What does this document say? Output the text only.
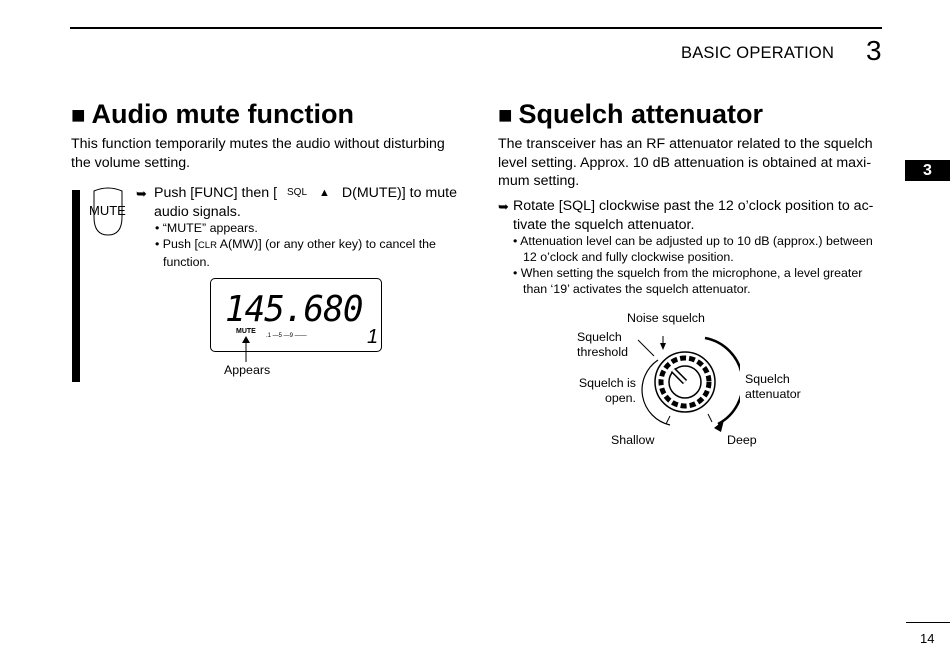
BASIC OPERATION 3
3
■ Audio mute function
This function temporarily mutes the audio without disturbing
the volume setting.
MUTE
➥ Push [FUNC] then [ SQL ▲ D(MUTE)] to mute
audio signals.
• “MUTE” appears.
• Push [CLR A(MW)] (or any other key) to cancel the
function.
145.680
MUTE	1
.1 —5 —9 ——
Appears
■ Squelch attenuator
The transceiver has an RF attenuator related to the squelch
level setting. Approx. 10 dB attenuation is obtained at maxi-
mum setting.
➥ Rotate [SQL] clockwise past the 12 o’clock position to ac-
tivate the squelch attenuator.
• Attenuation level can be adjusted up to 10 dB (approx.) between
12 o’clock and fully clockwise position.
• When setting the squelch from the microphone, a level greater
than ‘19’ activates the squelch attenuator.
Noise squelch
Squelch
threshold
Squelch is
open.
Squelch
attenuator
Shallow	Deep
14
